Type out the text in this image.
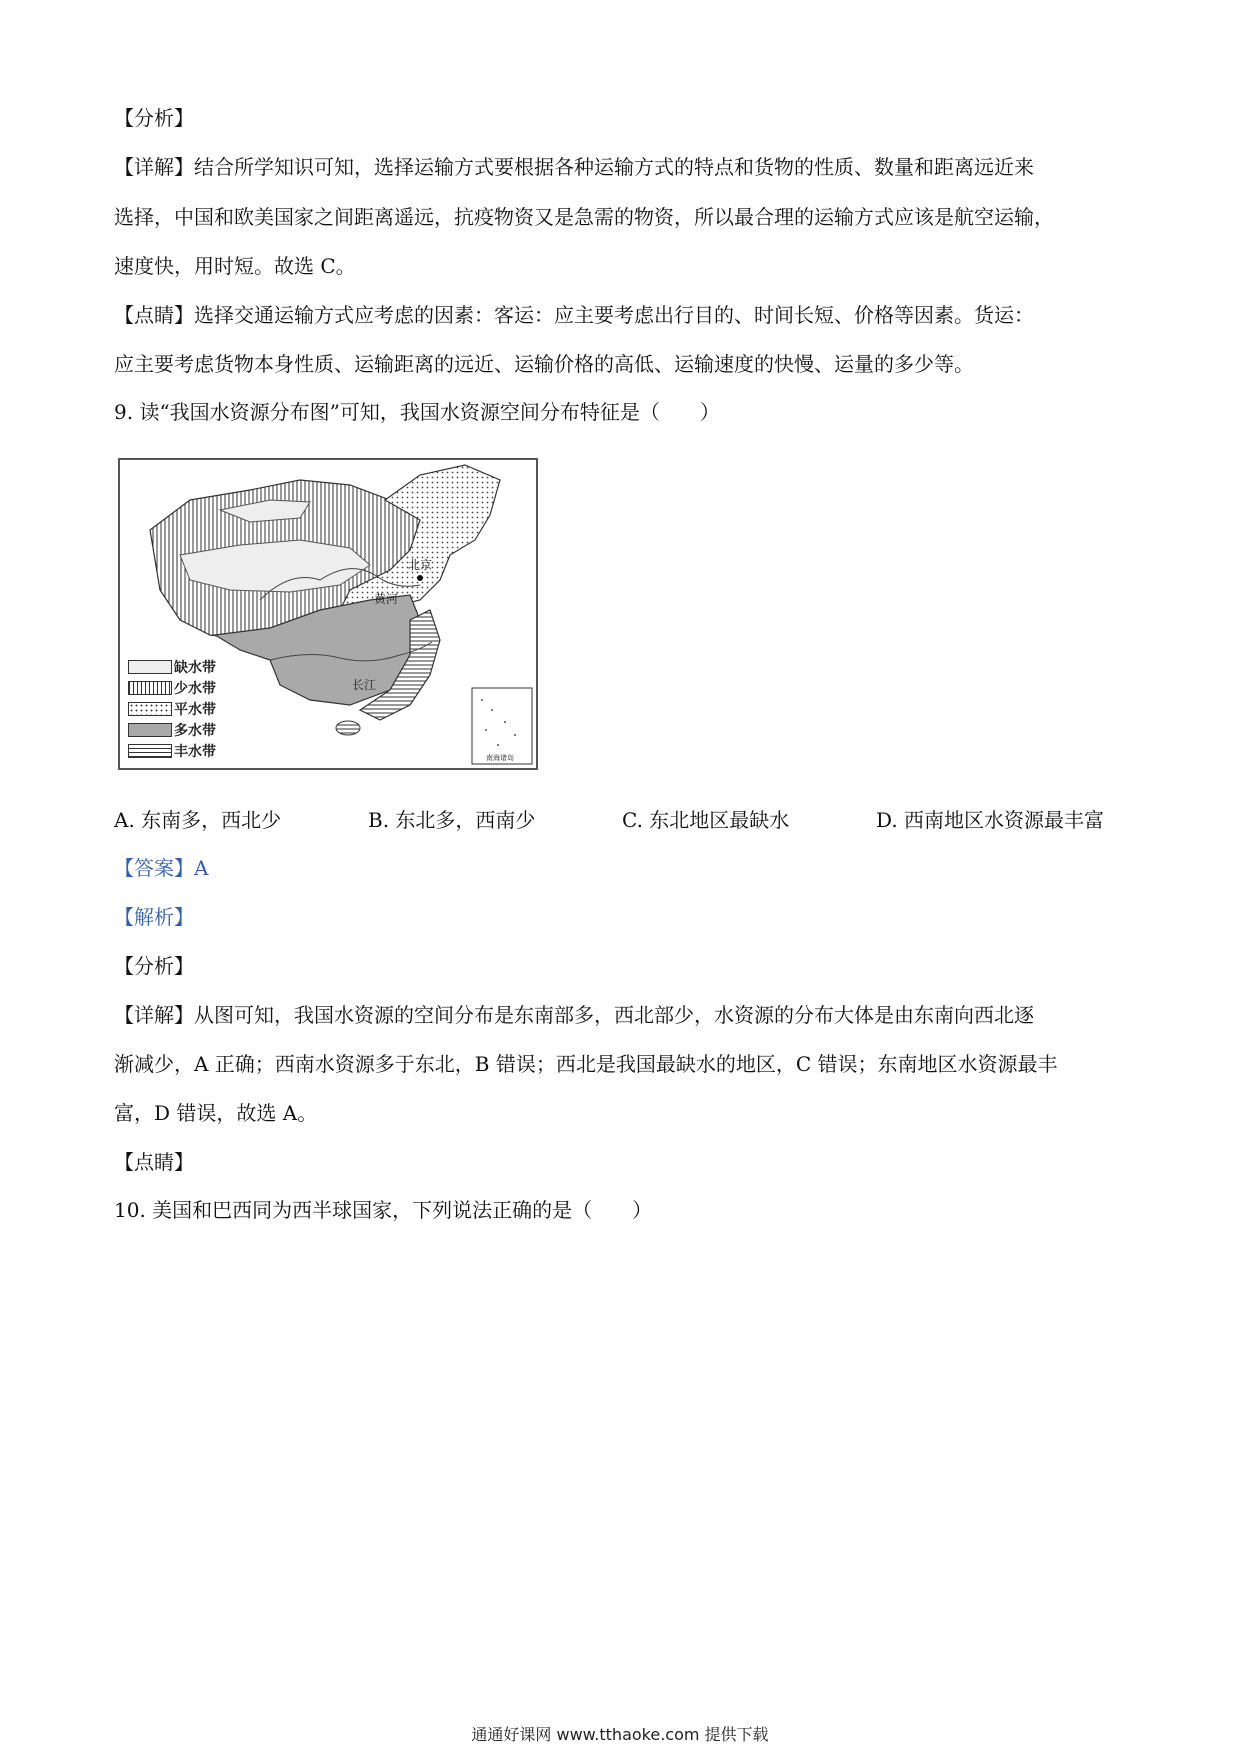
【分析】
【详解】结合所学知识可知，选择运输方式要根据各种运输方式的特点和货物的性质、数量和距离远近来
选择，中国和欧美国家之间距离遥远，抗疫物资又是急需的物资，所以最合理的运输方式应该是航空运输，
速度快，用时短。故选 C。
【点睛】选择交通运输方式应考虑的因素：客运：应主要考虑出行目的、时间长短、价格等因素。货运：
应主要考虑货物本身性质、运输距离的远近、运输价格的高低、运输速度的快慢、运量的多少等。
9. 读“我国水资源分布图”可知，我国水资源空间分布特征是（　　）
北京
黄河
长江
南海诸岛
缺水带
少水带
平水带
多水带
丰水带
A. 东南多，西北少	B. 东北多，西南少	C. 东北地区最缺水	D. 西南地区水资源最丰富
【答案】A
【解析】
【分析】
【详解】从图可知，我国水资源的空间分布是东南部多，西北部少，水资源的分布大体是由东南向西北逐
渐减少，A 正确；西南水资源多于东北，B 错误；西北是我国最缺水的地区，C 错误；东南地区水资源最丰
富，D 错误，故选 A。
【点睛】
10. 美国和巴西同为西半球国家，下列说法正确的是（　　）
通通好课网 www.tthaoke.com 提供下载
